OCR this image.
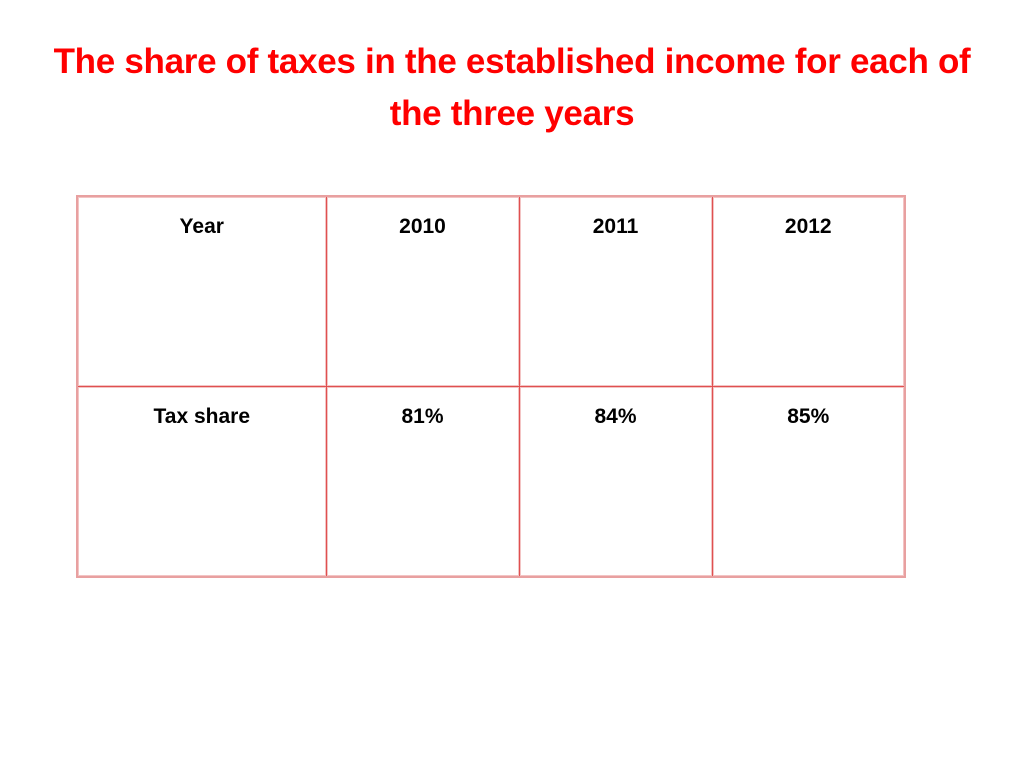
The share of taxes in the established income for each of the three years
Year	2010	2011	2012
Tax share	81%	84%	85%
